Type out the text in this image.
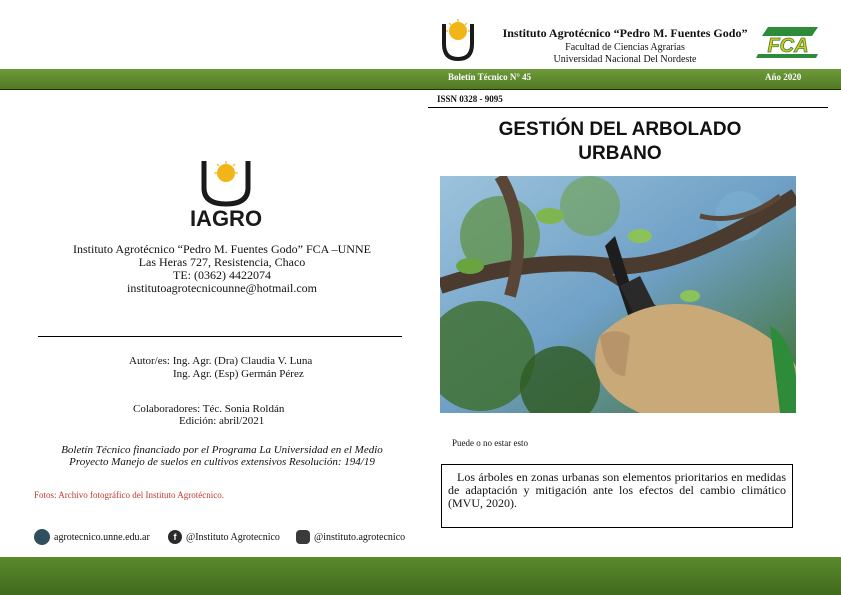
Boletín Técnico N° 45	Año 2020
Instituto Agrotécnico “Pedro M. Fuentes Godo”
Facultad de Ciencias Agrarias
Universidad Nacional Del Nordeste
FCA
ISSN 0328 - 9095
GESTIÓN DEL ARBOLADO
URBANO
Puede o no estar esto
Los árboles en zonas urbanas son elementos prioritarios en medidas de adaptación y mitigación ante los efectos del cambio climático (MVU, 2020).
IAGRO
Instituto Agrotécnico “Pedro M. Fuentes Godo” FCA –UNNE
Las Heras 727, Resistencia, Chaco
TE: (0362) 4422074
institutoagrotecnicounne@hotmail.com
Autor/es: Ing. Agr. (Dra) Claudia V. Luna
Ing. Agr. (Esp) Germán Pérez
Colaboradores: Téc. Sonia Roldán
Edición: abril/2021
Boletín Técnico financiado por el Programa La Universidad en el Medio
Proyecto Manejo de suelos en cultivos extensivos Resolución: 194/19
Fotos: Archivo fotográfico del Instituto Agrotécnico.
agrotecnico.unne.edu.ar	f @Instituto Agrotecnico	@instituto.agrotecnico
